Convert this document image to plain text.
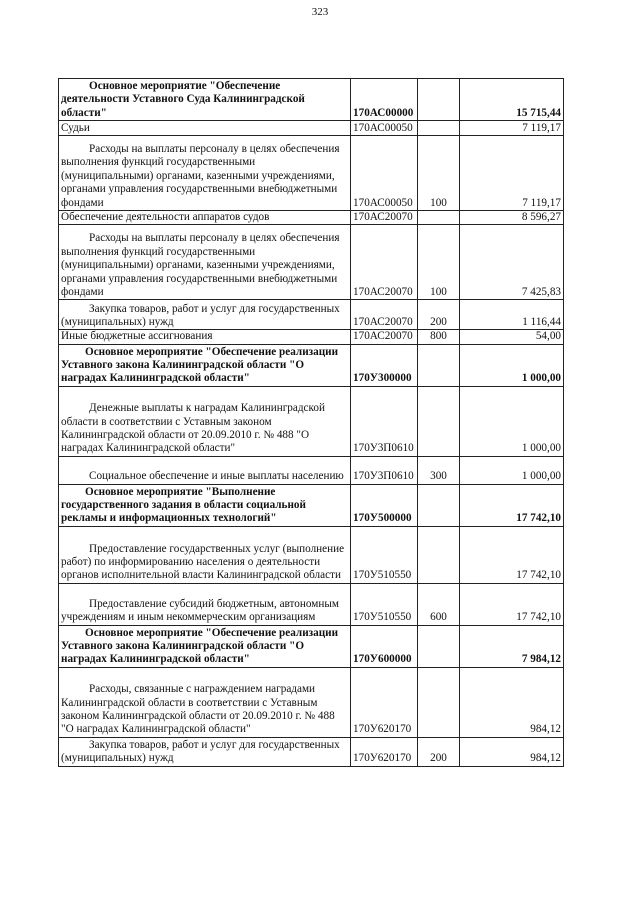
323
Основное мероприятие "Обеспечение деятельности Уставного Суда Калининградской области"	170АС00000		15 715,44
Судьи	170АС00050		7 119,17
Расходы на выплаты персоналу в целях обеспечения выполнения функций государственными (муниципальными) органами, казенными учреждениями, органами управления государственными внебюджетными фондами	170АС00050	100	7 119,17
Обеспечение деятельности аппаратов судов	170АС20070		8 596,27
Расходы на выплаты персоналу в целях обеспечения выполнения функций государственными (муниципальными) органами, казенными учреждениями, органами управления государственными внебюджетными фондами	170АС20070	100	7 425,83
Закупка товаров, работ и услуг для государственных (муниципальных) нужд	170АС20070	200	1 116,44
Иные бюджетные ассигнования	170АС20070	800	54,00
Основное мероприятие "Обеспечение реализации Уставного закона Калининградской области "О наградах Калининградской области"	170У300000		1 000,00
Денежные выплаты к наградам Калининградской области в соответствии с Уставным законом Калининградской области от 20.09.2010 г. № 488 "О наградах Калининградской области"	170У3П0610		1 000,00
Социальное обеспечение и иные выплаты населению	170У3П0610	300	1 000,00
Основное мероприятие "Выполнение государственного задания в области социальной рекламы и информационных технологий"	170У500000		17 742,10
Предоставление государственных услуг (выполнение работ) по информированию населения о деятельности органов исполнительной власти Калининградской области	170У510550		17 742,10
Предоставление субсидий бюджетным, автономным учреждениям и иным некоммерческим организациям	170У510550	600	17 742,10
Основное мероприятие "Обеспечение реализации Уставного закона Калининградской области "О наградах Калининградской области"	170У600000		7 984,12
Расходы, связанные с награждением наградами Калининградской области в соответствии с Уставным законом Калининградской области от 20.09.2010 г. № 488 "О наградах Калининградской области"	170У620170		984,12
Закупка товаров, работ и услуг для государственных (муниципальных) нужд	170У620170	200	984,12
